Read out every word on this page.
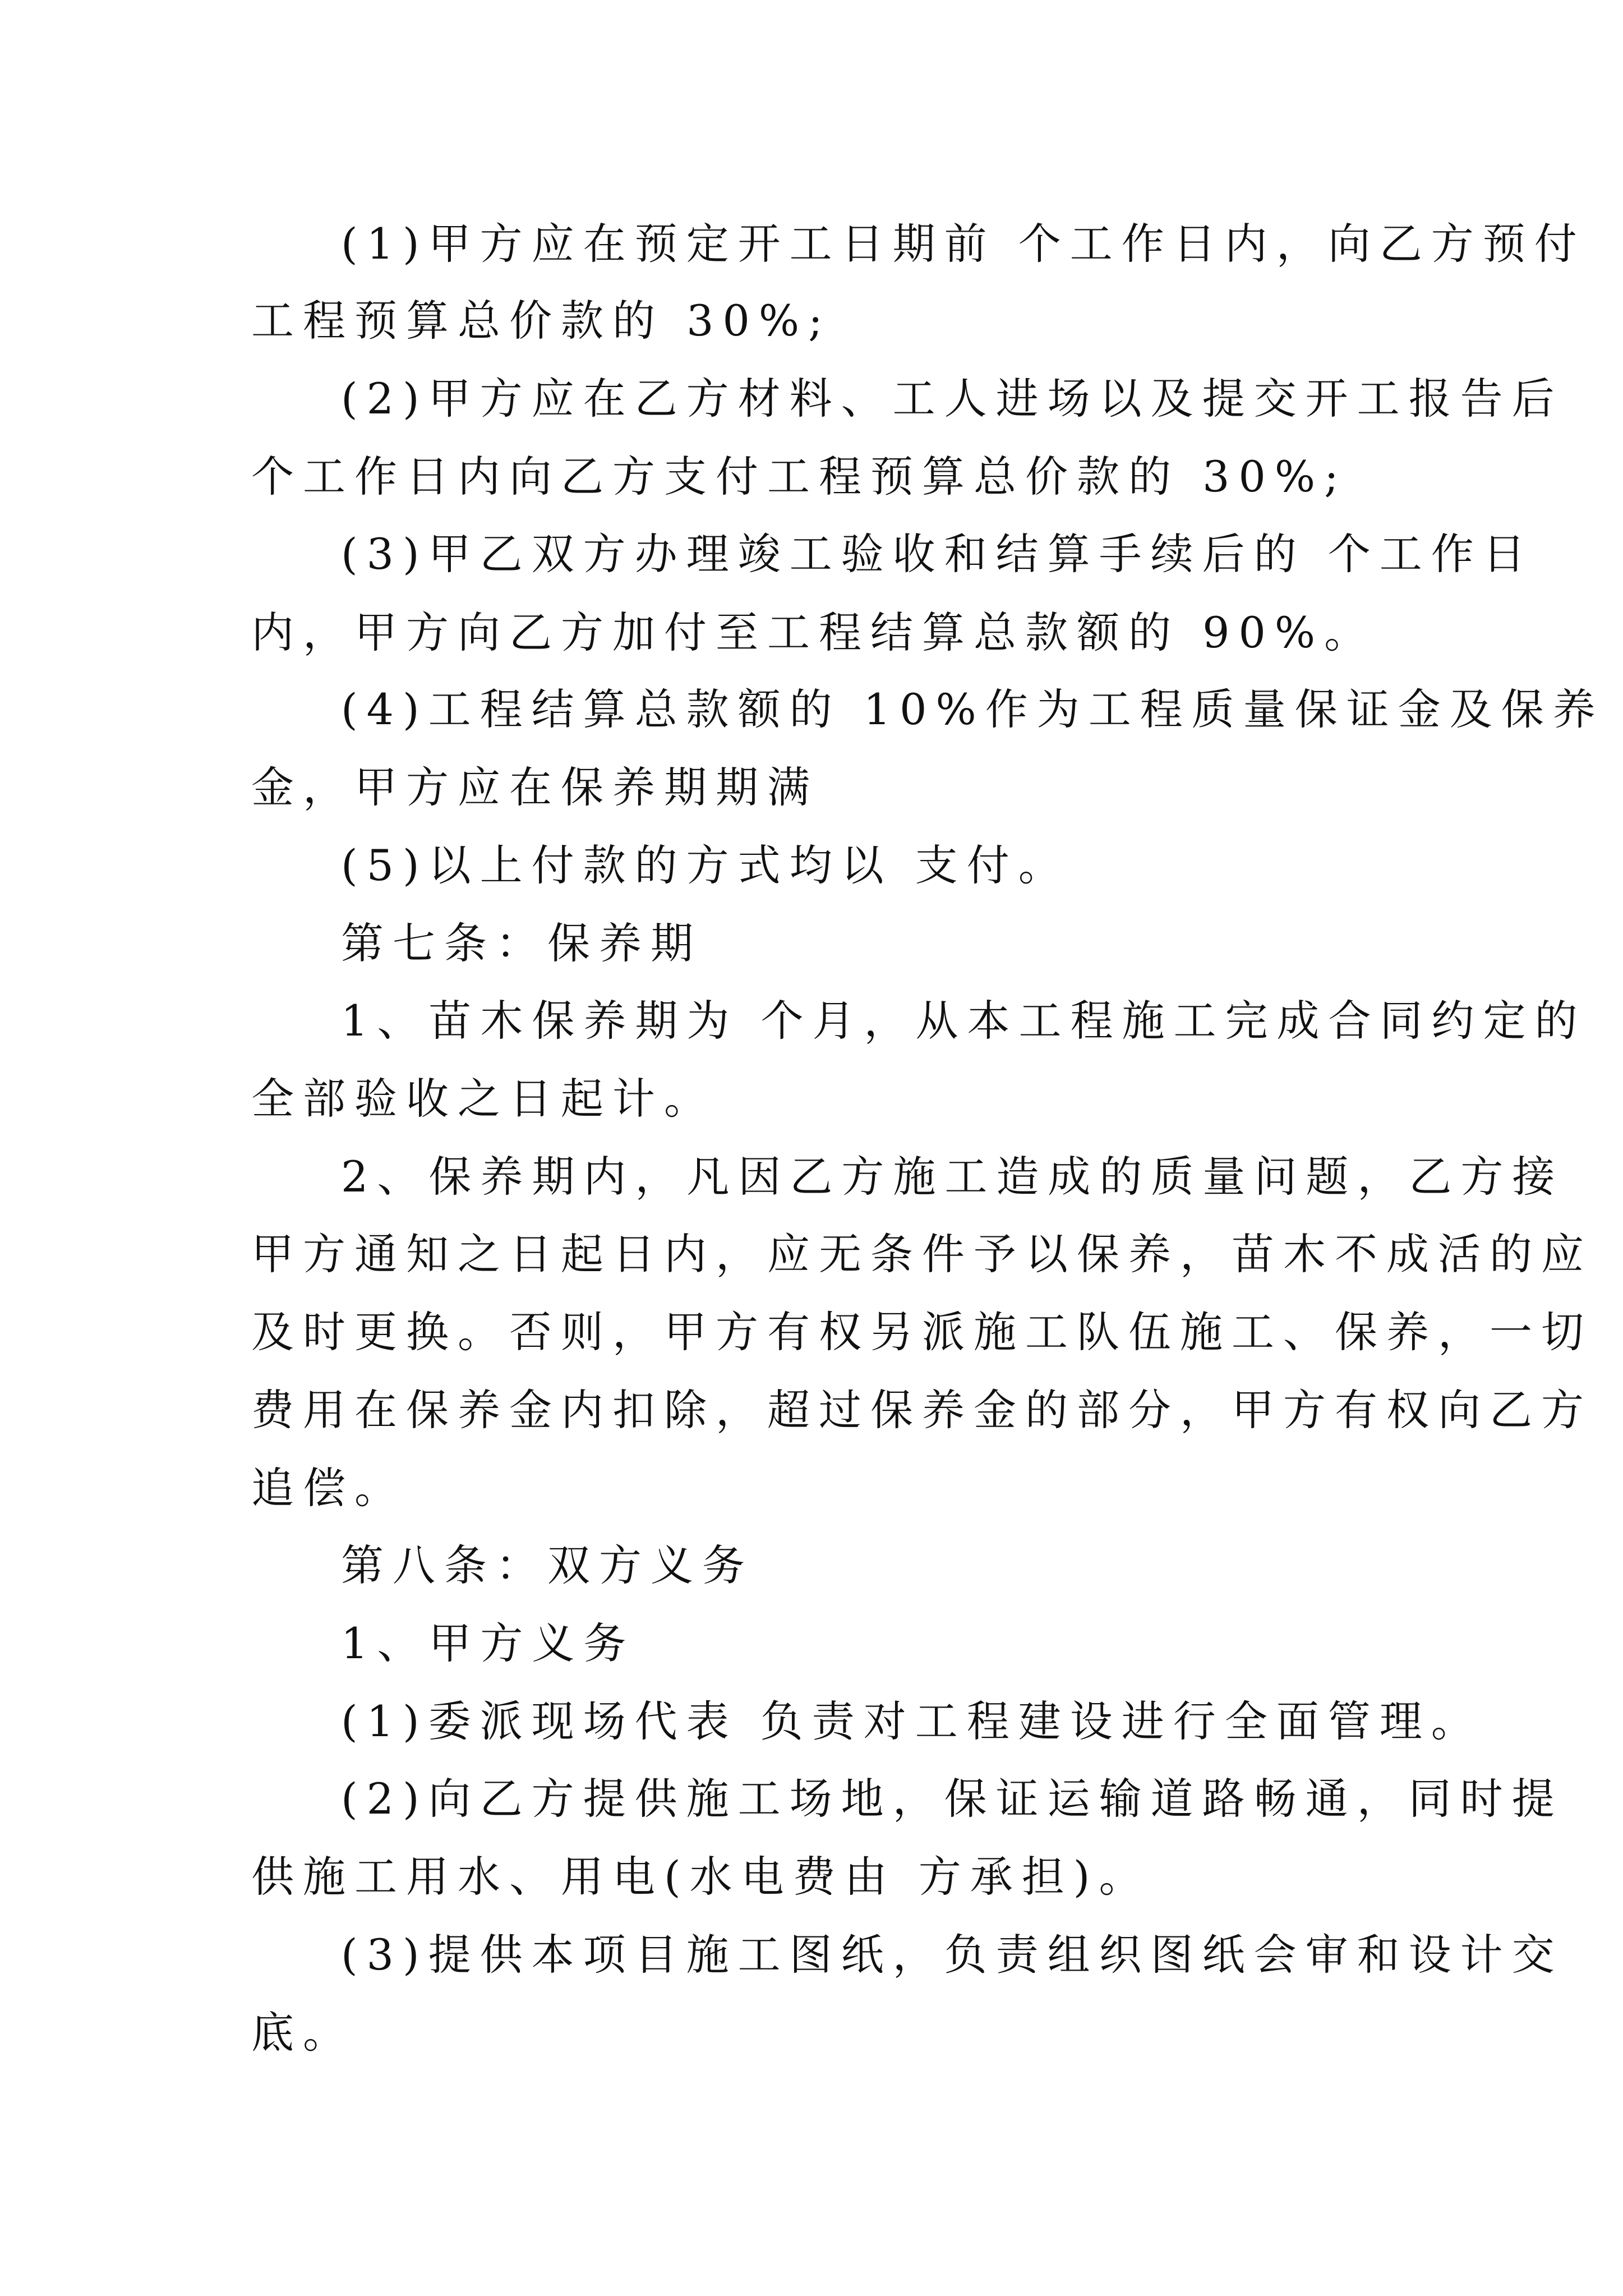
(1)甲方应在预定开工日期前 个工作日内，向乙方预付
工程预算总价款的 30%;
(2)甲方应在乙方材料、工人进场以及提交开工报告后
个工作日内向乙方支付工程预算总价款的 30%;
(3)甲乙双方办理竣工验收和结算手续后的 个工作日
内，甲方向乙方加付至工程结算总款额的 90%。
(4)工程结算总款额的 10%作为工程质量保证金及保养
金，甲方应在保养期期满
(5)以上付款的方式均以 支付。
第七条：保养期
1、苗木保养期为 个月，从本工程施工完成合同约定的
全部验收之日起计。
2、保养期内，凡因乙方施工造成的质量问题，乙方接
甲方通知之日起日内，应无条件予以保养，苗木不成活的应
及时更换。否则，甲方有权另派施工队伍施工、保养，一切
费用在保养金内扣除，超过保养金的部分，甲方有权向乙方
追偿。
第八条：双方义务
1、甲方义务
(1)委派现场代表 负责对工程建设进行全面管理。
(2)向乙方提供施工场地，保证运输道路畅通，同时提
供施工用水、用电(水电费由 方承担)。
(3)提供本项目施工图纸，负责组织图纸会审和设计交
底。
